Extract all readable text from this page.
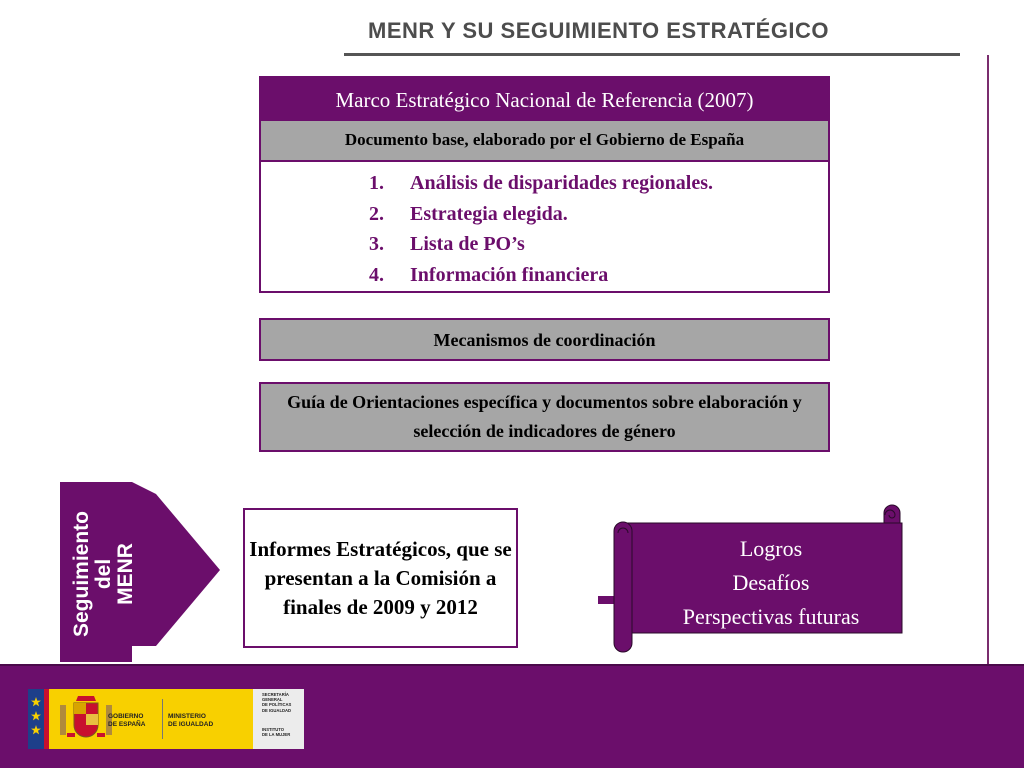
MENR Y SU SEGUIMIENTO ESTRATÉGICO
Marco Estratégico Nacional de Referencia (2007)
Documento base, elaborado por el Gobierno de España
1. Análisis de disparidades regionales.
2. Estrategia elegida.
3. Lista de PO’s
4. Información financiera
Mecanismos de coordinación
Guía de Orientaciones específica y documentos sobre elaboración y selección de indicadores de género
Seguimiento del MENR	Informes Estratégicos, que se presentan a la Comisión a finales de 2009 y 2012
Logros
Desafíos
Perspectivas futuras
GOBIERNO
DE ESPAÑA
MINISTERIO
DE IGUALDAD
SECRETARÍA
GENERAL
DE POLÍTICAS
DE IGUALDAD
INSTITUTO
DE LA MUJER
